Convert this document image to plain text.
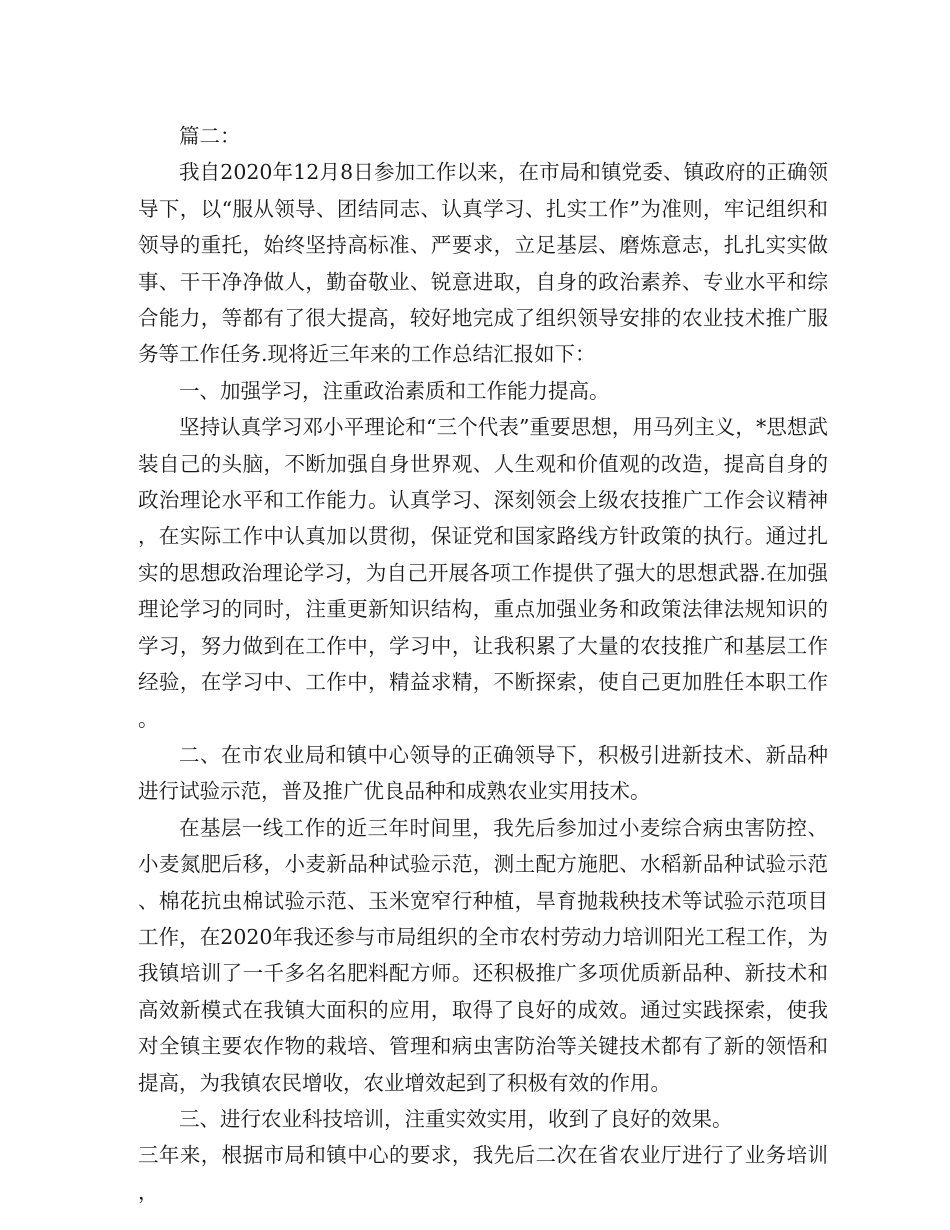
篇二：

我自2020年12月8日参加工作以来，在市局和镇党委、镇政府的正确领导下，以“服从领导、团结同志、认真学习、扎实工作”为准则，牢记组织和领导的重托，始终坚持高标准、严要求，立足基层、磨炼意志，扎扎实实做事、干干净净做人，勤奋敬业、锐意进取，自身的政治素养、专业水平和综合能力，等都有了很大提高，较好地完成了组织领导安排的农业技术推广服务等工作任务.现将近三年来的工作总结汇报如下：

一、加强学习，注重政治素质和工作能力提高。

坚持认真学习邓小平理论和“三个代表”重要思想，用马列主义，*思想武装自己的头脑，不断加强自身世界观、人生观和价值观的改造，提高自身的政治理论水平和工作能力。认真学习、深刻领会上级农技推广工作会议精神，在实际工作中认真加以贯彻，保证党和国家路线方针政策的执行。通过扎实的思想政治理论学习，为自己开展各项工作提供了强大的思想武器.在加强理论学习的同时，注重更新知识结构，重点加强业务和政策法律法规知识的学习，努力做到在工作中，学习中，让我积累了大量的农技推广和基层工作经验，在学习中、工作中，精益求精，不断探索，使自己更加胜任本职工作。

二、在市农业局和镇中心领导的正确领导下，积极引进新技术、新品种进行试验示范，普及推广优良品种和成熟农业实用技术。

在基层一线工作的近三年时间里，我先后参加过小麦综合病虫害防控、小麦氮肥后移，小麦新品种试验示范，测土配方施肥、水稻新品种试验示范、棉花抗虫棉试验示范、玉米宽窄行种植，旱育抛栽秧技术等试验示范项目工作，在2020年我还参与市局组织的全市农村劳动力培训阳光工程工作，为我镇培训了一千多名名肥料配方师。还积极推广多项优质新品种、新技术和高效新模式在我镇大面积的应用，取得了良好的成效。通过实践探索，使我对全镇主要农作物的栽培、管理和病虫害防治等关键技术都有了新的领悟和提高，为我镇农民增收，农业增效起到了积极有效的作用。

三、进行农业科技培训，注重实效实用，收到了良好的效果。

三年来，根据市局和镇中心的要求，我先后二次在省农业厅进行了业务培训，
